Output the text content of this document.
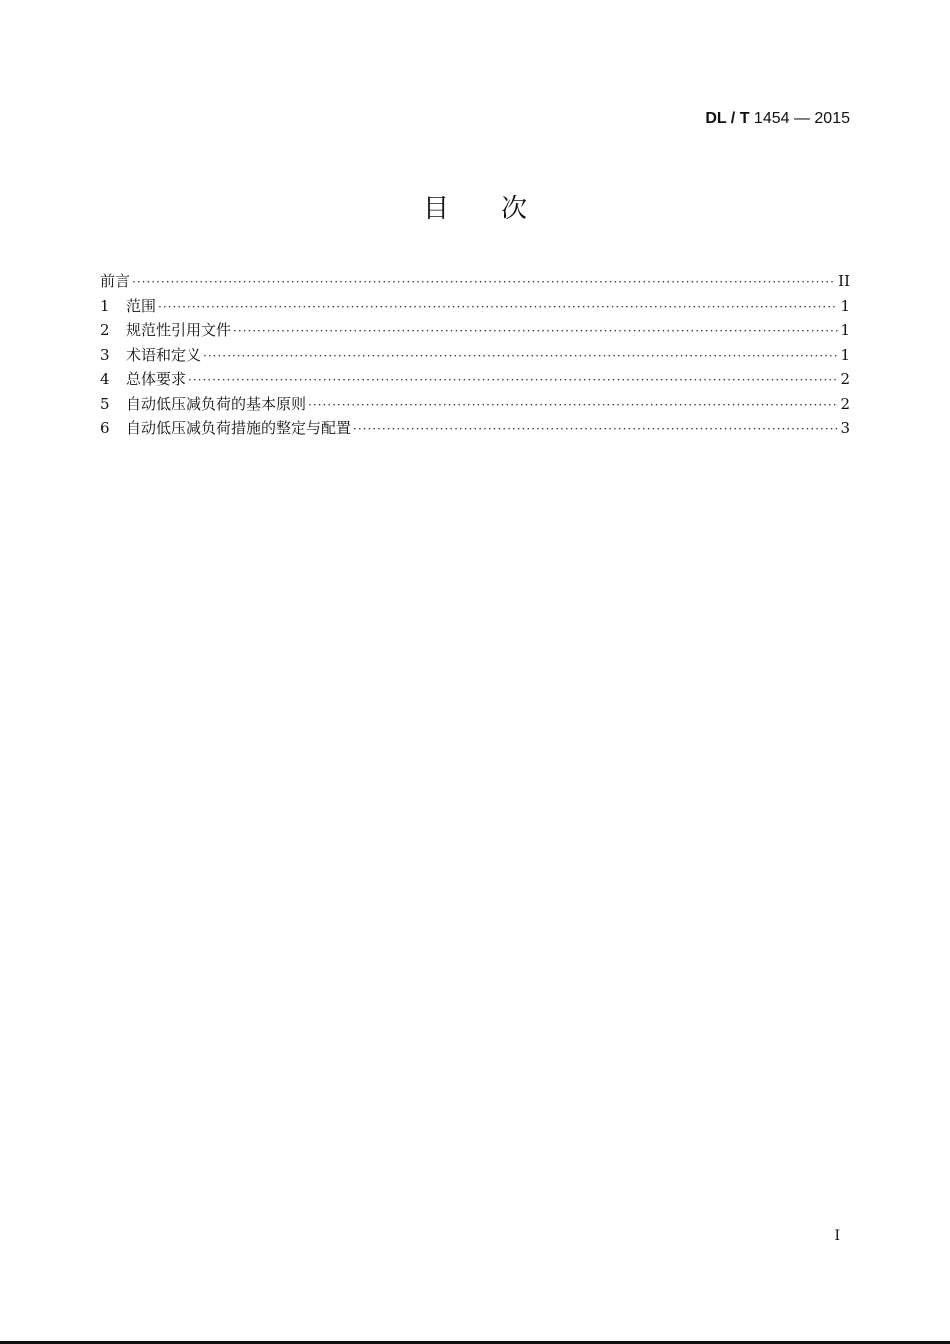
DL / T 1454 — 2015
目次
前言 ·····	II
1	范围 ·····	1
2	规范性引用文件 ·····	1
3	术语和定义 ·····	1
4	总体要求 ·····	2
5	自动低压减负荷的基本原则 ·····	2
6	自动低压减负荷措施的整定与配置 ·····	3
I
